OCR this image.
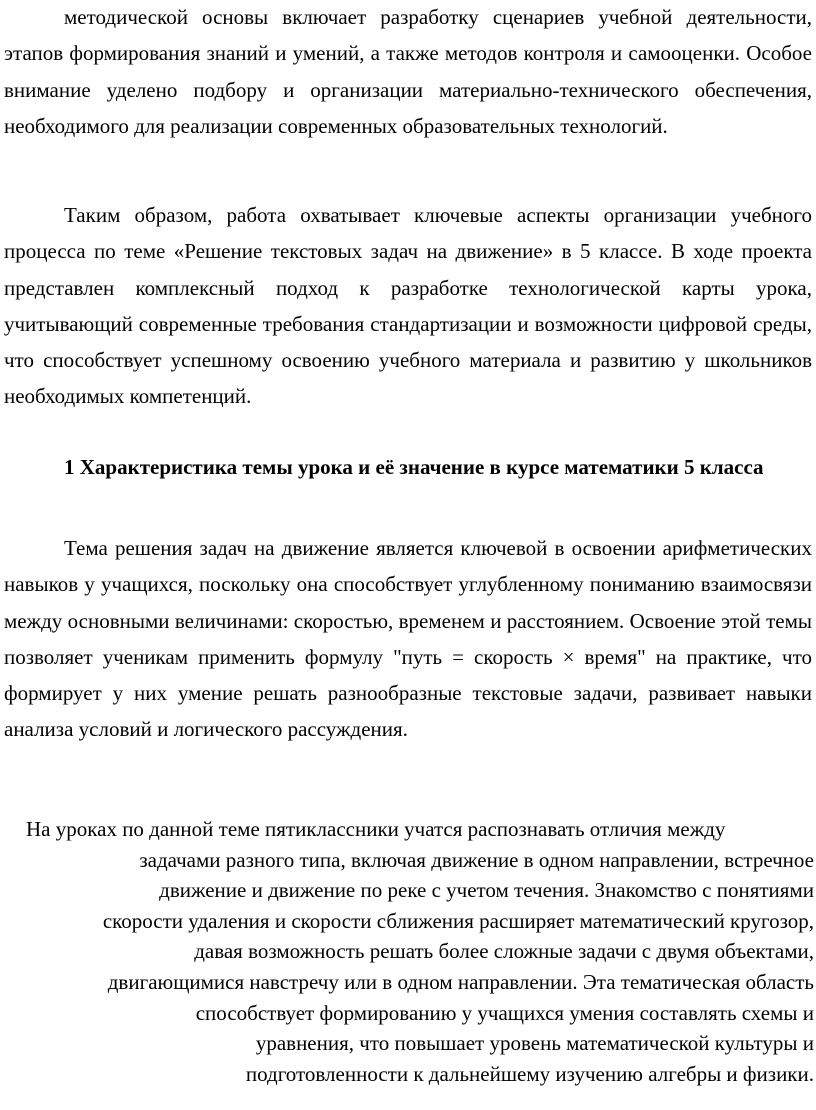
методической основы включает разработку сценариев учебной деятельности, этапов формирования знаний и умений, а также методов контроля и самооценки. Особое внимание уделено подбору и организации материально-технического обеспечения, необходимого для реализации современных образовательных технологий.

Таким образом, работа охватывает ключевые аспекты организации учебного процесса по теме «Решение текстовых задач на движение» в 5 классе. В ходе проекта представлен комплексный подход к разработке технологической карты урока, учитывающий современные требования стандартизации и возможности цифровой среды, что способствует успешному освоению учебного материала и развитию у школьников необходимых компетенций.

1 Характеристика темы урока и её значение в курсе математики 5 класса

Тема решения задач на движение является ключевой в освоении арифметических навыков у учащихся, поскольку она способствует углубленному пониманию взаимосвязи между основными величинами: скоростью, временем и расстоянием. Освоение этой темы позволяет ученикам применить формулу "путь = скорость × время" на практике, что формирует у них умение решать разнообразные текстовые задачи, развивает навыки анализа условий и логического рассуждения.

На уроках по данной теме пятиклассники учатся распознавать отличия между
задачами разного типа, включая движение в одном направлении, встречное
движение и движение по реке с учетом течения. Знакомство с понятиями
скорости удаления и скорости сближения расширяет математический кругозор,
давая возможность решать более сложные задачи с двумя объектами,
двигающимися навстречу или в одном направлении. Эта тематическая область
способствует формированию у учащихся умения составлять схемы и
уравнения, что повышает уровень математической культуры и
подготовленности к дальнейшему изучению алгебры и физики.
